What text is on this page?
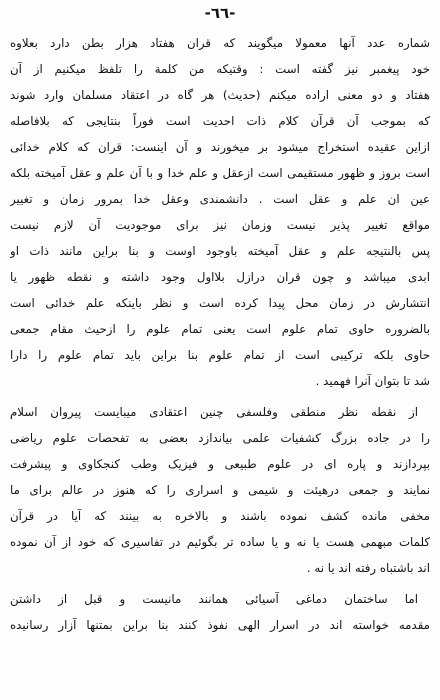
-٦٦-
شماره عدد آنها معمولا میگویند که قران هفتاد هزار بطن دارد بعلاوه
خود پیغمبر نیز گفته است : وقتیکه من کلمة را تلفظ میکنیم از آن
هفتاد و دو معنی اراده میکنم (حدیث) هر گاه در اعتقاد مسلمان وارد شوند
که بموجب آن قرآن کلام ذات احدیت است فوراً بنتایجی که بلافاصله
ازاین عقیده استخراج میشود بر میخورند و آن اینست: قران که کلام خدائی
است بروز و ظهور مستقیمی است ازعقل و علم خدا و با آن علم و عقل آمیخته بلکه
عین ان علم و عقل است . دانشمندی وعقل خدا بمرور زمان و تغییر
مواقع تغییر پذیر نیست وزمان نیز برای موجودیت آن لازم نیست
پس بالنتیجه علم و عقل آمیخته باوجود اوست و بنا براین مانند ذات او
ابدی میباشد و چون قران درازل بلااول وجود داشته و نقطه ظهور یا
انتشارش در زمان محل پیدا کرده است و نظر باینکه علم خدائی است
بالضروره حاوی تمام علوم است یعنی تمام علوم را ازحیث مقام جمعی
حاوی بلکه ترکیبی است از تمام علوم بنا براین باید تمام علوم را دارا
شد تا بتوان آنرا فهمید .
از نقطه نظر منطقی وفلسفی چنین اعتقادی میبایست پیروان اسلام
را در جاده بزرگ کشفیات علمی بیاندازد بعضی به تفحصات علوم ریاضی
بپردازند و پاره ای در علوم طبیعی و فیزیک وطب کنجکاوی و پیشرفت
نمایند و جمعی درهیئت و شیمی و اسراری را که هنوز در عالم برای ما
مخفی مانده کشف نموده باشند و بالاخره به بینند که آیا در قرآن
کلمات مبهمی هست یا نه و یا ساده تر بگوئیم در تفاسیری که خود از آن نموده
اند باشتباه رفته اند یا نه .
اما ساختمان دماغی آسیائی همانند مانیست و قبل از داشتن
مقدمه خواسته اند در اسرار الهی نفوذ کنند بنا براین بمتنها آزار رسانیده
